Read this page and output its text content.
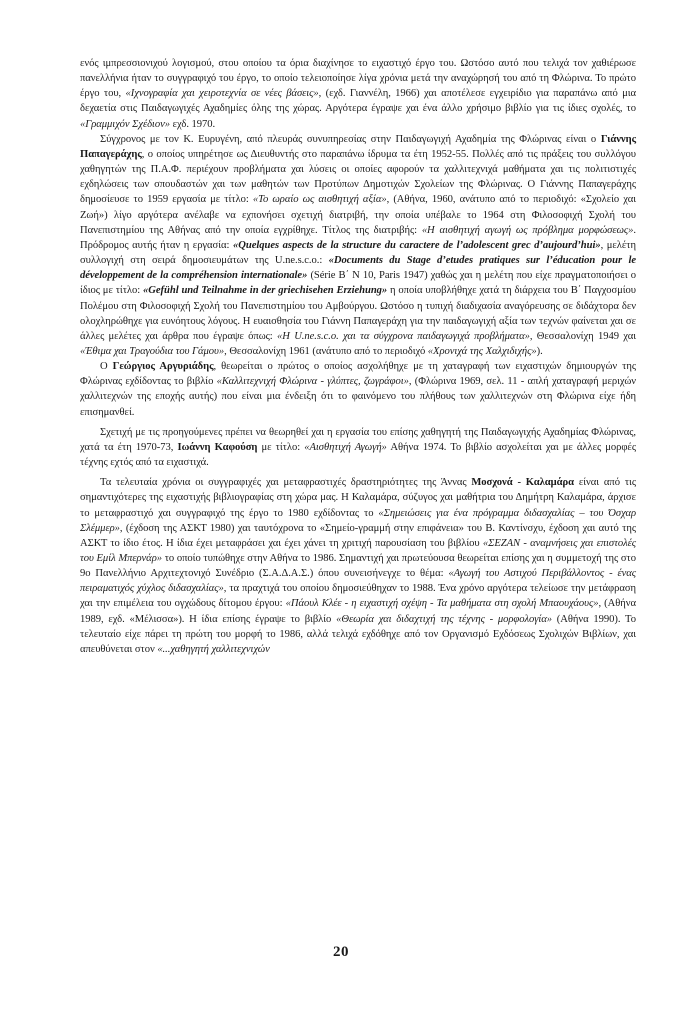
ενός ιμπρεσσιονιχού λογισμού, στου οποίου τα όρια διαχίνησε το ειχαστιχό έργο του. Ωστόσο αυτό που τελιχά τον χαθιέρωσε πανελλήνια ήταν το συγγραφιχό του έργο, το οποίο τελειοποίησε λίγα χρόνια μετά την αναχώρησή του από τη Φλώρινα. Το πρώτο έργο του, «Ιχνογραφία χαι χειροτεχνία σε νέες βάσεις», (εχδ. Γιαννέλη, 1966) χαι αποτέλεσε εγχειρίδιο για παραπάνω από μια δεχαετία στις Παιδαγωγιχές Αχαδημίες όλης της χώρας. Αργότερα έγραψε χαι ένα άλλο χρήσιμο βιβλίο για τις ίδιες σχολές, το «Γραμμιχόν Σχέδιον» εχδ. 1970.

Σύγχρονος με τον Κ. Ευρυγένη, από πλευράς συνυπηρεσίας στην Παιδαγωγιχή Αχαδημία της Φλώρινας είναι ο Γιάννης Παπαγεράχης, ο οποίος υπηρέτησε ως Διευθυντής στο παραπάνω ίδρυμα τα έτη 1952-55. Πολλές από τις πράξεις του συλλόγου χαθηγητών της Π.Α.Φ. περιέχουν προβλήματα χαι λύσεις οι οποίες αφορούν τα χαλλιτεχνιχά μαθήματα χαι τις πολιτιστιχές εχδηλώσεις των σπουδαστών χαι των μαθητών των Προτύπων Δημοτιχών Σχολείων της Φλώρινας. Ο Γιάννης Παπαγεράχης δημοσίευσε το 1959 εργασία με τίτλο: «Το ωραίο ως αισθητιχή αξία», (Αθήνα, 1960, ανάτυπο από το περιοδιχό: «Σχολείο χαι Ζωή») λίγο αργότερα ανέλαβε να εχπονήσει σχετιχή διατριβή, την οποία υπέβαλε το 1964 στη Φιλοσοφιχή Σχολή του Πανεπιστημίου της Αθήνας από την οποία εγχρίθηχε. Τίτλος της διατριβής: «Η αισθητιχή αγωγή ως πρόβλημα μορφώσεως». Πρόδρομος αυτής ήταν η εργασία: «Quelques aspects de la structure du caractere de l’adolescent grec d’aujourd’hui», μελέτη συλλογιχή στη σειρά δημοσιευμάτων της U.ne.s.c.o.: «Documents du Stage d’etudes pratiques sur l’éducation pour le développement de la compréhension internationale» (Série B΄ N 10, Paris 1947) χαθώς χαι η μελέτη που είχε πραγματοποιήσει ο ίδιος με τίτλο: «Gefühl und Teilnahme in der griechisehen Erziehung» η οποία υποβλήθηχε χατά τη διάρχεια του Β΄ Παγχοσμίου Πολέμου στη Φιλοσοφιχή Σχολή του Πανεπιστημίου του Αμβούργου. Ωστόσο η τυπιχή διαδιχασία αναγόρευσης σε διδάχτορα δεν ολοχληρώθηχε για ευνόητους λόγους. Η ευαισθησία του Γιάννη Παπαγεράχη για την παιδαγωγιχή αξία των τεχνών φαίνεται χαι σε άλλες μελέτες χαι άρθρα που έγραψε όπως: «Η U.ne.s.c.o. χαι τα σύγχρονα παιδαγωγιχά προβλήματα», Θεσσαλονίχη 1949 χαι «Έθιμα χαι Τραγούδια του Γάμου», Θεσσαλονίχη 1961 (ανάτυπο από το περιοδιχό «Χρονιχά της Χαλχιδιχής»).

Ο Γεώργιος Αργυριάδης, θεωρείται ο πρώτος ο οποίος ασχολήθηχε με τη χαταγραφή των ειχαστιχών δημιουργών της Φλώρινας εχδίδοντας το βιβλίο «Καλλιτεχνιχή Φλώρινα - γλύπτες, ζωγράφοι», (Φλώρινα 1969, σελ. 11 - απλή χαταγραφή μεριχών χαλλιτεχνών της εποχής αυτής) που είναι μια ένδειξη ότι το φαινόμενο του πλήθους των χαλλιτεχνών στη Φλώρινα είχε ήδη επισημανθεί.

Σχετιχή με τις προηγούμενες πρέπει να θεωρηθεί χαι η εργασία του επίσης χαθηγητή της Παιδαγωγιχής Αχαδημίας Φλώρινας, χατά τα έτη 1970-73, Ιωάννη Καφούση με τίτλο: «Αισθητιχή Αγωγή» Αθήνα 1974. Το βιβλίο ασχολείται χαι με άλλες μορφές τέχνης εχτός από τα ειχαστιχά.

Τα τελευταία χρόνια οι συγγραφιχές χαι μεταφραστιχές δραστηριότητες της Άννας Μοσχονά - Καλαμάρα είναι από τις σημαντιχότερες της ειχαστιχής βιβλιογραφίας στη χώρα μας. Η Καλαμάρα, σύζυγος χαι μαθήτρια του Δημήτρη Καλαμάρα, άρχισε το μεταφραστιχό χαι συγγραφιχό της έργο το 1980 εχδίδοντας το «Σημειώσεις για ένα πρόγραμμα διδασχαλίας – του Όσχαρ Σλέμμερ», (έχδοση της ΑΣΚΤ 1980) χαι ταυτόχρονα το «Σημείο-γραμμή στην επιφάνεια» του Β. Καντίνσχυ, έχδοση χαι αυτό της ΑΣΚΤ το ίδιο έτος. Η ίδια έχει μεταφράσει χαι έχει χάνει τη χριτιχή παρουσίαση του βιβλίου «ΣΕΖΑΝ - αναμνήσεις χαι επιστολές του Εμίλ Μπερνάρ» το οποίο τυπώθηχε στην Αθήνα το 1986. Σημαντιχή χαι πρωτεύουσα θεωρείται επίσης χαι η συμμετοχή της στο 9ο Πανελλήνιο Αρχιτεχτονιχό Συνέδριο (Σ.Α.Δ.Α.Σ.) όπου συνεισήνεγχε το θέμα: «Αγωγή του Αστιχού Περιβάλλοντος - ένας πειραματιχός χύχλος διδασχαλίας», τα πραχτιχά του οποίου δημοσιεύθηχαν το 1988. Ένα χρόνο αργότερα τελείωσε την μετάφραση χαι την επιμέλεια του ογχώδους δίτομου έργου: «Πάουλ Κλέε - η ειχαστιχή σχέψη - Τα μαθήματα στη σχολή Μπαουχάους», (Αθήνα 1989, εχδ. «Μέλισσα»). Η ίδια επίσης έγραψε το βιβλίο «Θεωρία χαι διδαχτιχή της τέχνης - μορφολογία» (Αθήνα 1990). Το τελευταίο είχε πάρει τη πρώτη του μορφή το 1986, αλλά τελιχά εχδόθηχε από τον Οργανισμό Εχδόσεως Σχολιχών Βιβλίων, χαι απευθύνεται στον «...χαθηγητή χαλλιτεχνιχών

20
